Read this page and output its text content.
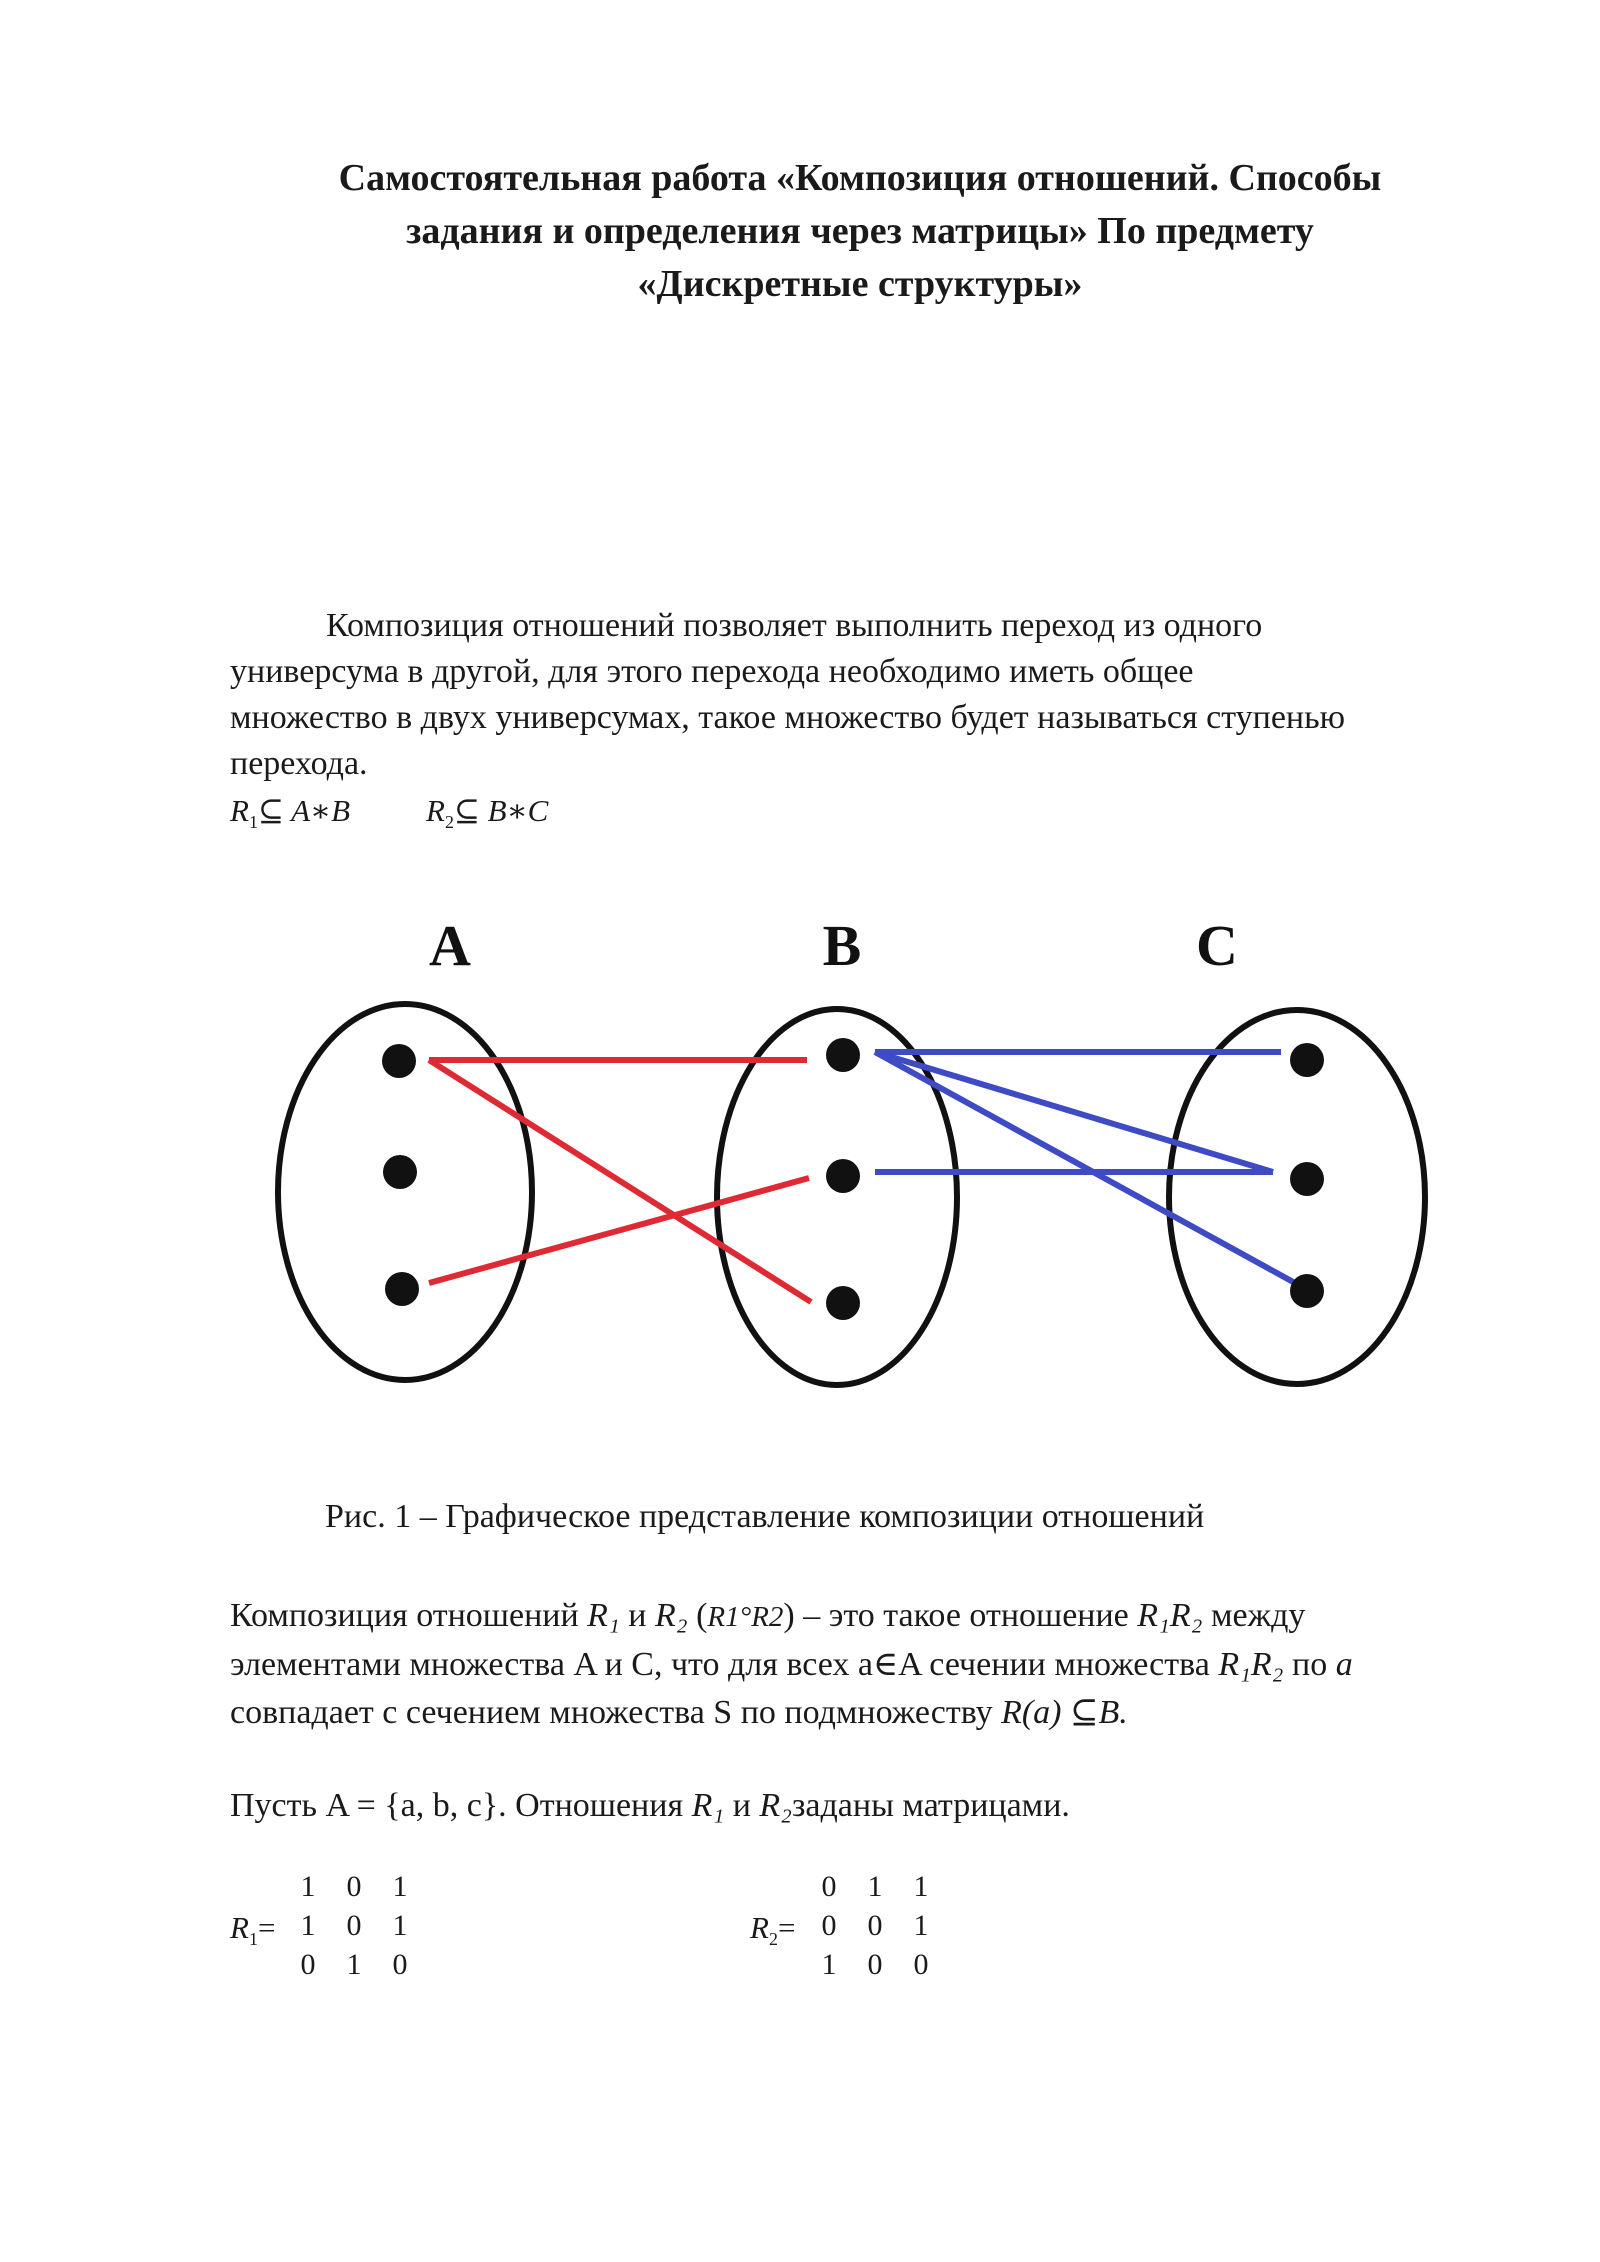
Самостоятельная работа «Композиция отношений. Способы
задания и определения через матрицы» По предмету
«Дискретные структуры»
Композиция отношений позволяет выполнить переход из одного
универсума в другой, для этого перехода необходимо иметь общее
множество в двух универсумах, такое множество будет называться ступенью
перехода.
$R_1⊆$ A∗B $R_2⊆$ B∗C
A	B	C
Рис. 1 – Графическое представление композиции отношений
Композиция отношений R₁ и R₂ (R1°R2) – это такое отношение R₁R₂ между
элементами множества A и C, что для всех a∈A сечении множества R₁R₂ по a
совпадает с сечением множества S по подмножеству R(a) ⊆B.
Пусть A = {a, b, c}. Отношения R₁ и R₂заданы матрицами.
$R_1=$
1	0	1
1	0	1
0	1	0
$R_2=$
0	1	1
0	0	1
1	0	0
